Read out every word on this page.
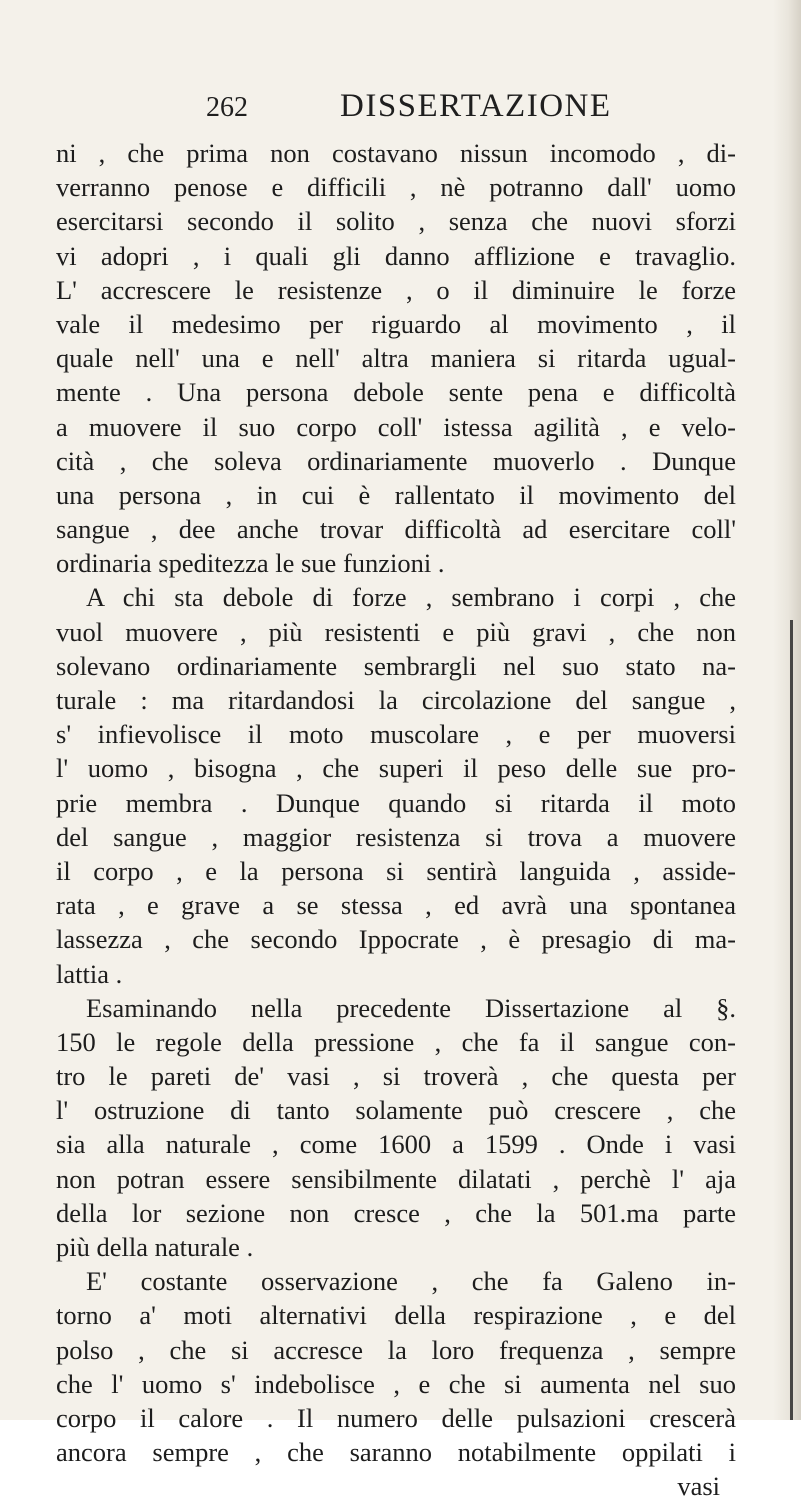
262	DISSERTAZIONE
ni , che prima non costavano nissun incomodo , di-
verranno penose e difficili , nè potranno dall' uomo
esercitarsi secondo il solito , senza che nuovi sforzi
vi adopri , i quali gli danno afflizione e travaglio.
L' accrescere le resistenze , o il diminuire le forze
vale il medesimo per riguardo al movimento , il
quale nell' una e nell' altra maniera si ritarda ugual-
mente . Una persona debole sente pena e difficoltà
a muovere il suo corpo coll' istessa agilità , e velo-
cità , che soleva ordinariamente muoverlo . Dunque
una persona , in cui è rallentato il movimento del
sangue , dee anche trovar difficoltà ad esercitare coll'
ordinaria speditezza le sue funzioni .
A chi sta debole di forze , sembrano i corpi , che
vuol muovere , più resistenti e più gravi , che non
solevano ordinariamente sembrargli nel suo stato na-
turale : ma ritardandosi la circolazione del sangue ,
s' infievolisce il moto muscolare , e per muoversi
l' uomo , bisogna , che superi il peso delle sue pro-
prie membra . Dunque quando si ritarda il moto
del sangue , maggior resistenza si trova a muovere
il corpo , e la persona si sentirà languida , asside-
rata , e grave a se stessa , ed avrà una spontanea
lassezza , che secondo Ippocrate , è presagio di ma-
lattia .
Esaminando nella precedente Dissertazione al §.
150 le regole della pressione , che fa il sangue con-
tro le pareti de' vasi , si troverà , che questa per
l' ostruzione di tanto solamente può crescere , che
sia alla naturale , come 1600 a 1599 . Onde i vasi
non potran essere sensibilmente dilatati , perchè l' aja
della lor sezione non cresce , che la 501.ma parte
più della naturale .
E' costante osservazione , che fa Galeno in-
torno a' moti alternativi della respirazione , e del
polso , che si accresce la loro frequenza , sempre
che l' uomo s' indebolisce , e che si aumenta nel suo
corpo il calore . Il numero delle pulsazioni crescerà
ancora sempre , che saranno notabilmente oppilati i
vasi
